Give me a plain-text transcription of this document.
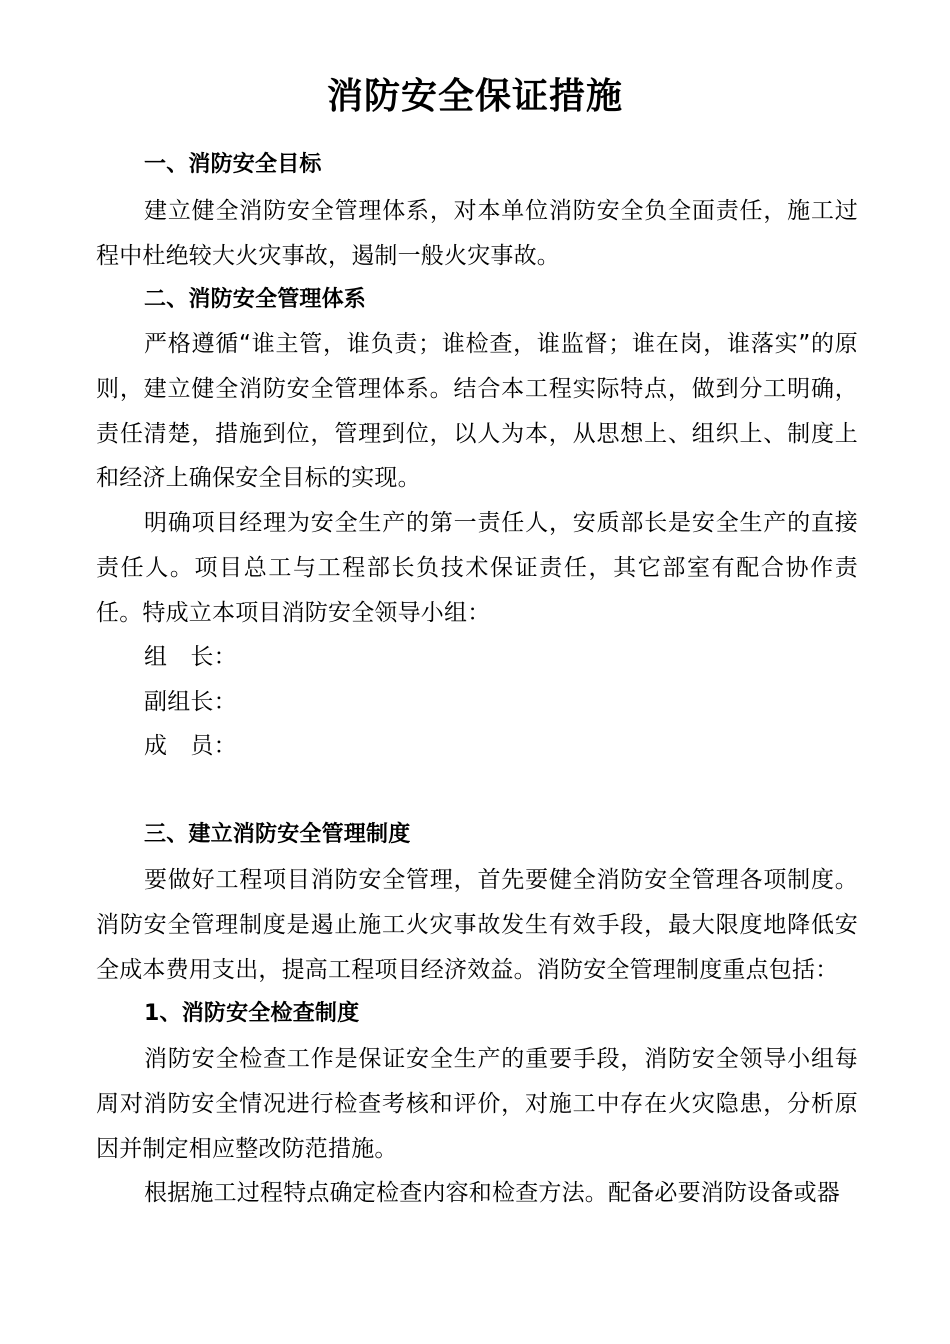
消防安全保证措施

一、消防安全目标

建立健全消防安全管理体系，对本单位消防安全负全面责任，施工过程中杜绝较大火灾事故，遏制一般火灾事故。

二、消防安全管理体系

严格遵循“谁主管，谁负责；谁检查，谁监督；谁在岗，谁落实”的原则，建立健全消防安全管理体系。结合本工程实际特点，做到分工明确，责任清楚，措施到位，管理到位，以人为本，从思想上、组织上、制度上和经济上确保安全目标的实现。

明确项目经理为安全生产的第一责任人，安质部长是安全生产的直接责任人。项目总工与工程部长负技术保证责任，其它部室有配合协作责任。特成立本项目消防安全领导小组：

组　长：

副组长：

成　员：

三、建立消防安全管理制度

要做好工程项目消防安全管理，首先要健全消防安全管理各项制度。消防安全管理制度是遏止施工火灾事故发生有效手段，最大限度地降低安全成本费用支出，提高工程项目经济效益。消防安全管理制度重点包括：

1、消防安全检查制度

消防安全检查工作是保证安全生产的重要手段，消防安全领导小组每周对消防安全情况进行检查考核和评价，对施工中存在火灾隐患，分析原因并制定相应整改防范措施。

根据施工过程特点确定检查内容和检查方法。配备必要消防设备或器
